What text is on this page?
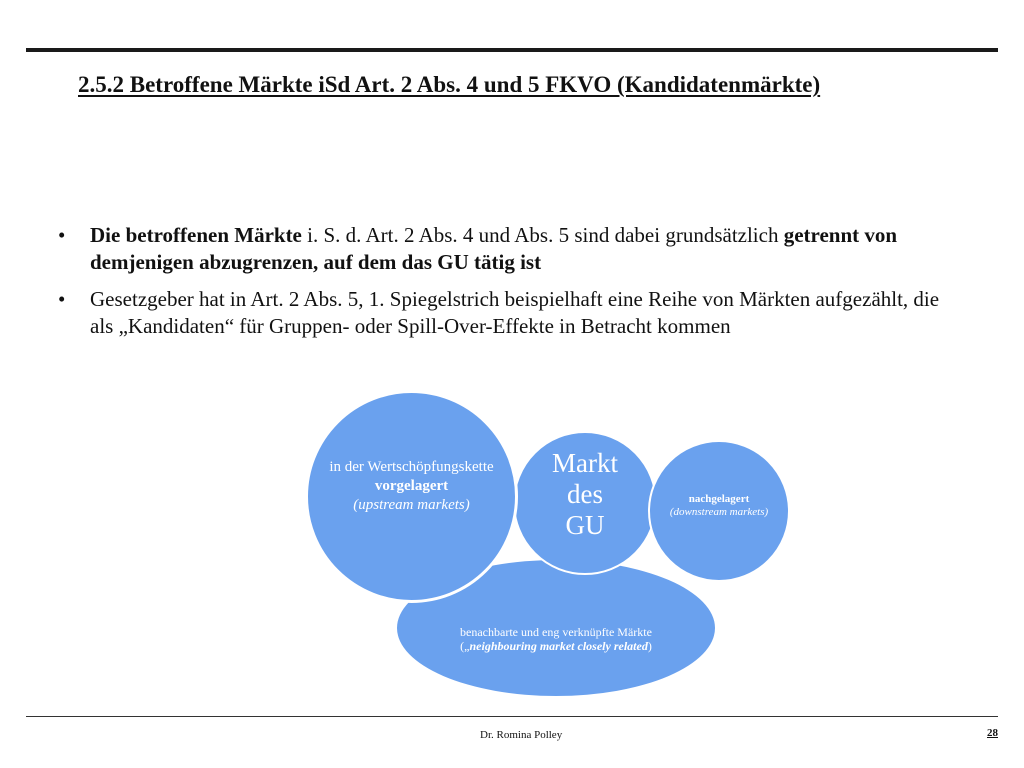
2.5.2 Betroffene Märkte iSd Art. 2 Abs. 4 und 5 FKVO (Kandidatenmärkte)
• Die betroffenen Märkte i. S. d. Art. 2 Abs. 4 und Abs. 5 sind dabei grundsätzlich getrennt von demjenigen abzugrenzen, auf dem das GU tätig ist
• Gesetzgeber hat in Art. 2 Abs. 5, 1. Spiegelstrich beispielhaft eine Reihe von Märkten aufgezählt, die als „Kandidaten“ für Gruppen- oder Spill-Over-Effekte in Betracht kommen
benachbarte und eng verknüpfte Märkte („neighbouring market closely related)
Markt
des
GU
nachgelagert
(downstream markets)
in der Wertschöpfungskette vorgelagert
(upstream markets)
Dr. Romina Polley	28
